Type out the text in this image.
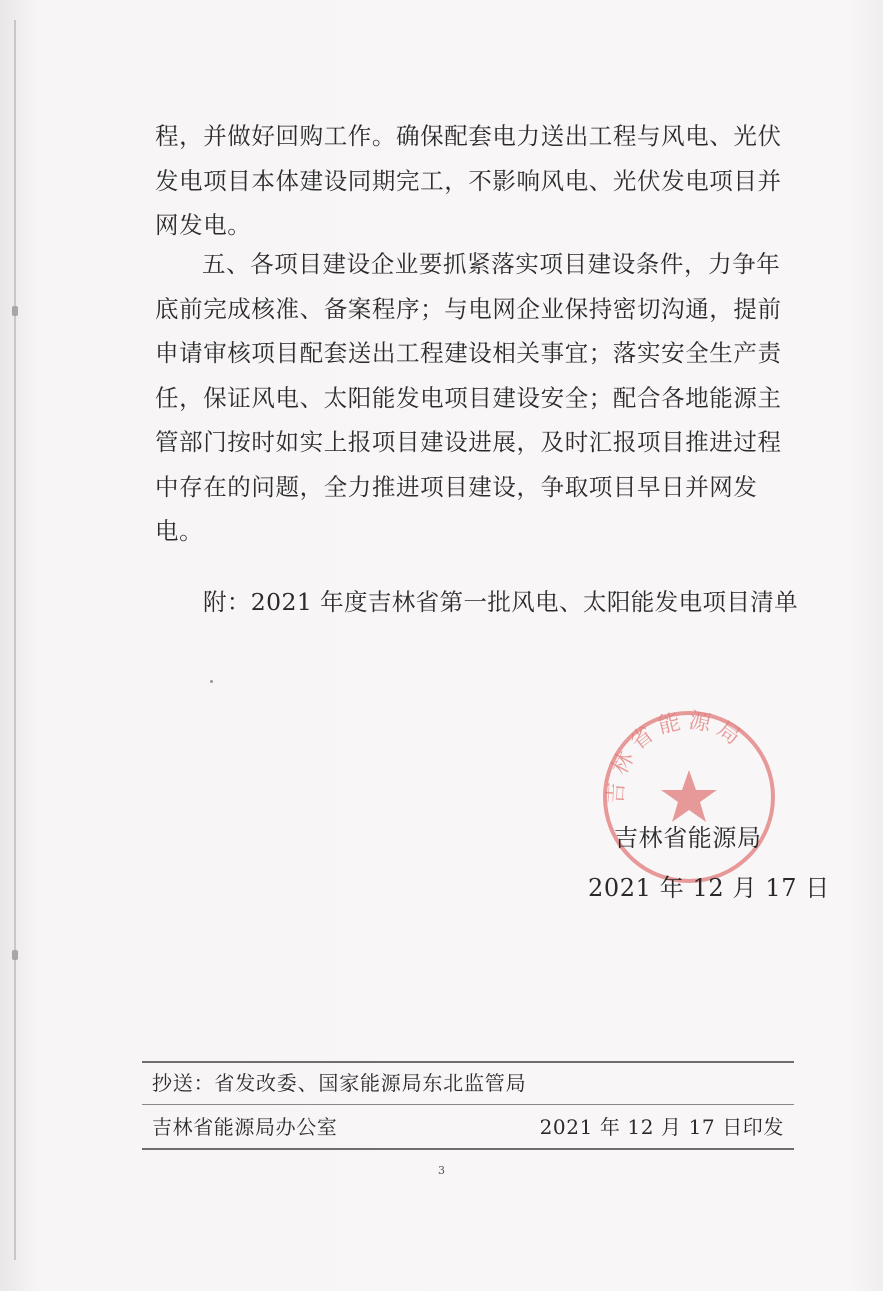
程，并做好回购工作。确保配套电力送出工程与风电、光伏发电项目本体建设同期完工，不影响风电、光伏发电项目并网发电。

五、各项目建设企业要抓紧落实项目建设条件，力争年底前完成核准、备案程序；与电网企业保持密切沟通，提前申请审核项目配套送出工程建设相关事宜；落实安全生产责任，保证风电、太阳能发电项目建设安全；配合各地能源主管部门按时如实上报项目建设进展，及时汇报项目推进过程中存在的问题，全力推进项目建设，争取项目早日并网发电。

附：2021 年度吉林省第一批风电、太阳能发电项目清单
吉林省能源局
吉林省能源局
2021 年 12 月 17 日
抄送：省发改委、国家能源局东北监管局
吉林省能源局办公室	2021 年 12 月 17 日印发
3
